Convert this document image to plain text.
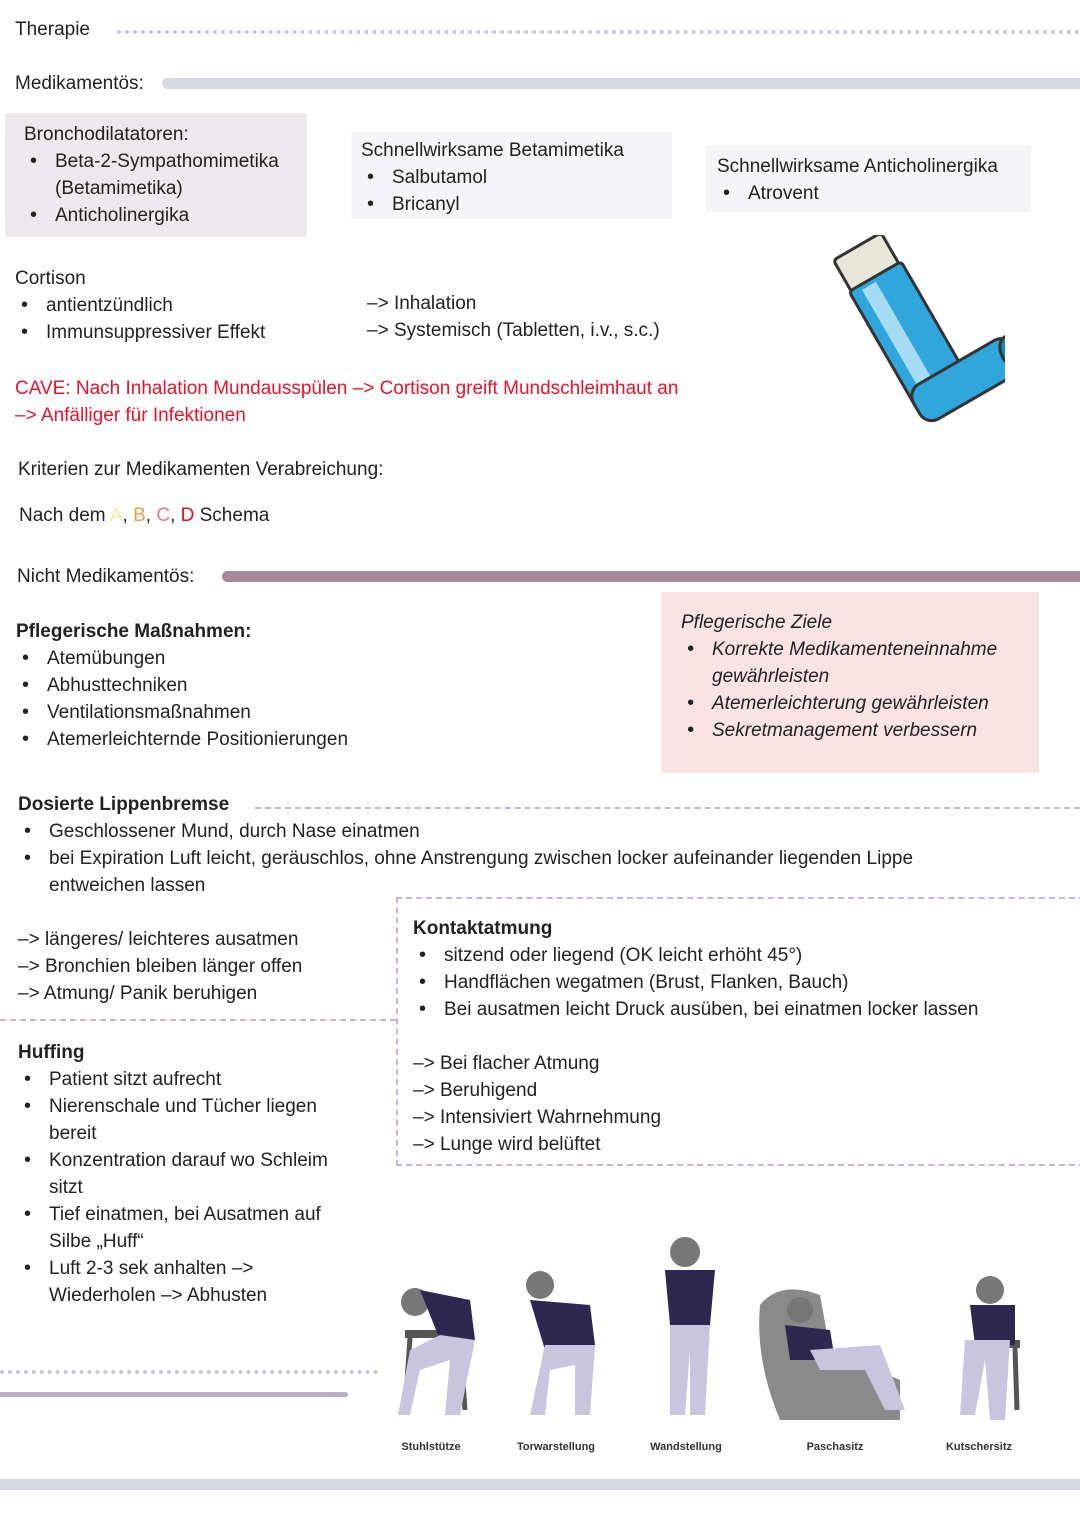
Therapie
Medikamentös:
Bronchodilatatoren:
• Beta-2-Sympathomimetika
(Betamimetika)
• Anticholinergika
Schnellwirksame Betamimetika
• Salbutamol
• Bricanyl
Schnellwirksame Anticholinergika
• Atrovent
Cortison
• antientzündlich
• Immunsuppressiver Effekt
–> Inhalation
–> Systemisch (Tabletten, i.v., s.c.)
CAVE: Nach Inhalation Mundausspülen –> Cortison greift Mundschleimhaut an
–> Anfälliger für Infektionen
Kriterien zur Medikamenten Verabreichung:
Nach dem A, B, C, D Schema
Nicht Medikamentös:
Pflegerische Maßnahmen:
• Atemübungen
• Abhusttechniken
• Ventilationsmaßnahmen
• Atemerleichternde Positionierungen
Pflegerische Ziele
• Korrekte Medikamenteneinnahme gewährleisten
• Atemerleichterung gewährleisten
• Sekretmanagement verbessern
Dosierte Lippenbremse
• Geschlossener Mund, durch Nase einatmen
• bei Expiration Luft leicht, geräuschlos, ohne Anstrengung zwischen locker aufeinander liegenden Lippe entweichen lassen
–> längeres/ leichteres ausatmen
–> Bronchien bleiben länger offen
–> Atmung/ Panik beruhigen
Kontaktatmung
• sitzend oder liegend (OK leicht erhöht 45°)
• Handflächen wegatmen (Brust, Flanken, Bauch)
• Bei ausatmen leicht Druck ausüben, bei einatmen locker lassen
–> Bei flacher Atmung
–> Beruhigend
–> Intensiviert Wahrnehmung
–> Lunge wird belüftet
Huffing
• Patient sitzt aufrecht
• Nierenschale und Tücher liegen bereit
• Konzentration darauf wo Schleim sitzt
• Tief einatmen, bei Ausatmen auf Silbe „Huff“
• Luft 2-3 sek anhalten –> Wiederholen –> Abhusten
Stuhlstütze	Torwarstellung	Wandstellung	Paschasitz	Kutschersitz
